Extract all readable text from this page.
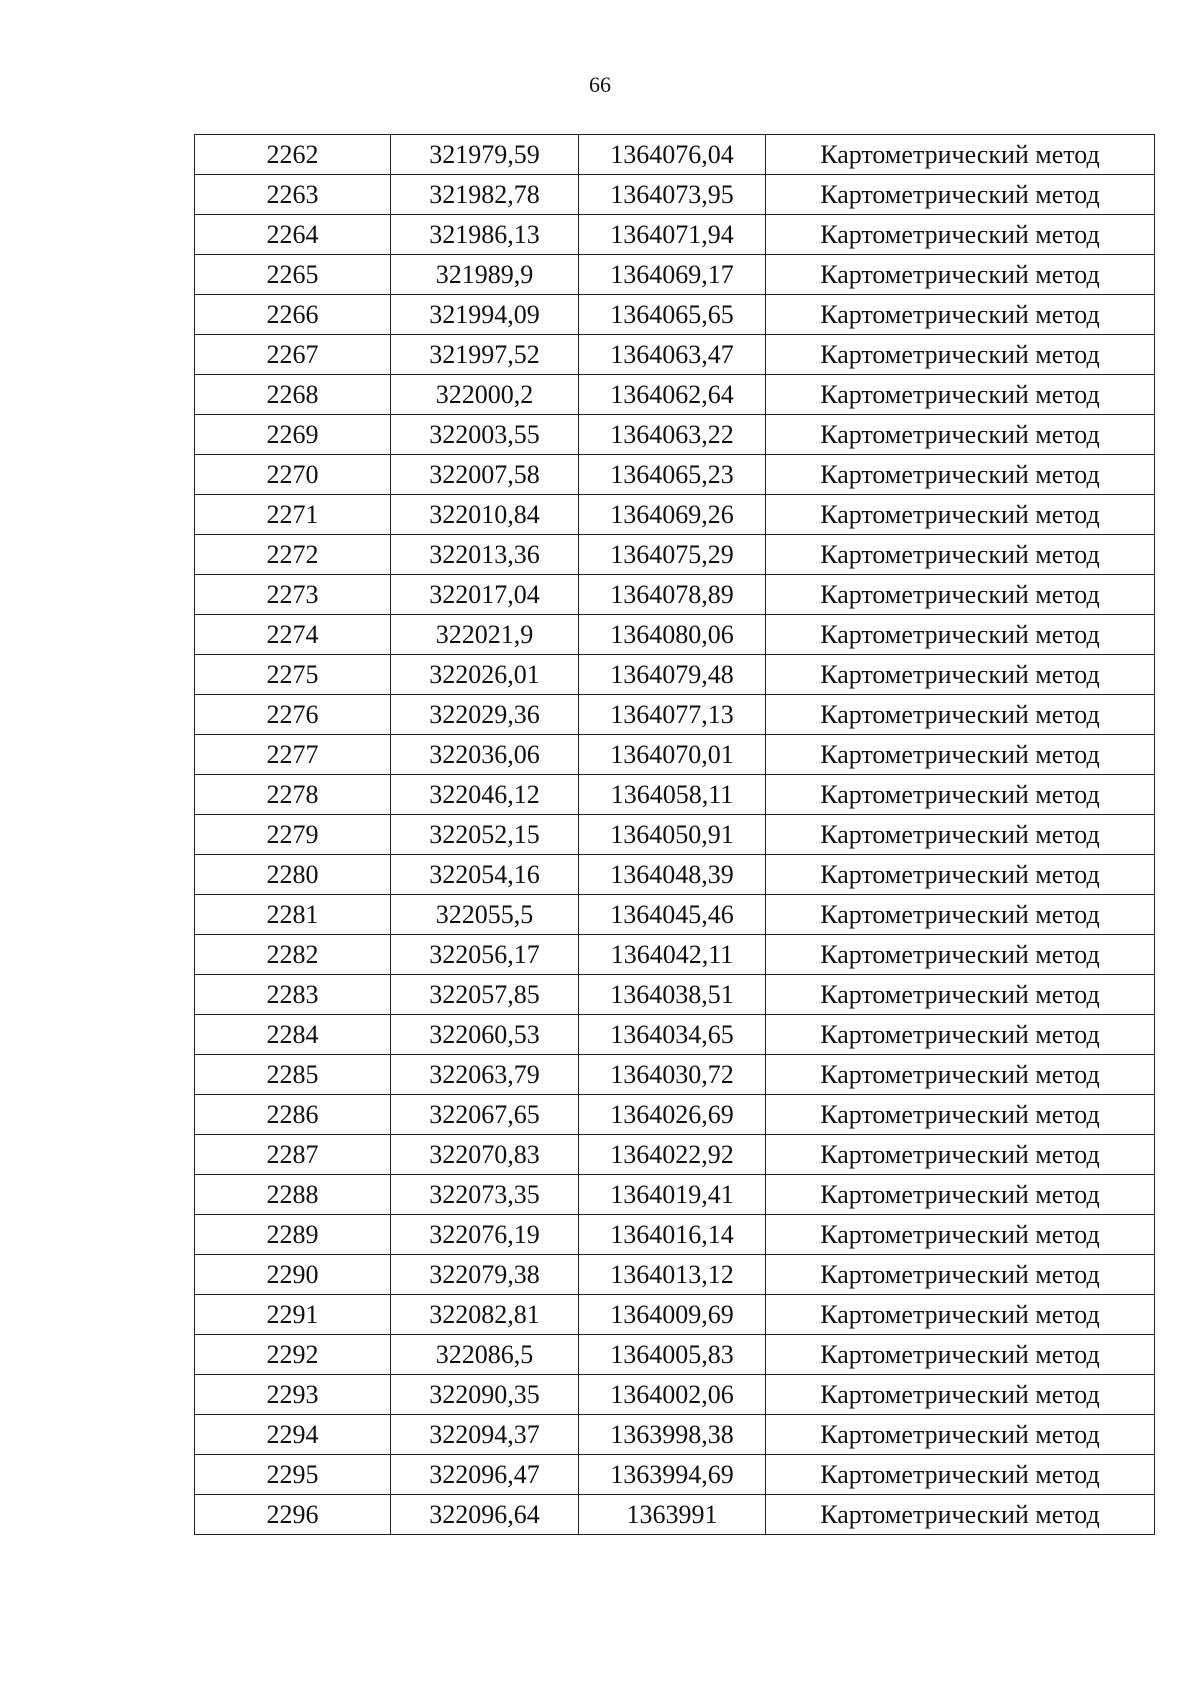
66
2262	321979,59	1364076,04	Картометрический метод
2263	321982,78	1364073,95	Картометрический метод
2264	321986,13	1364071,94	Картометрический метод
2265	321989,9	1364069,17	Картометрический метод
2266	321994,09	1364065,65	Картометрический метод
2267	321997,52	1364063,47	Картометрический метод
2268	322000,2	1364062,64	Картометрический метод
2269	322003,55	1364063,22	Картометрический метод
2270	322007,58	1364065,23	Картометрический метод
2271	322010,84	1364069,26	Картометрический метод
2272	322013,36	1364075,29	Картометрический метод
2273	322017,04	1364078,89	Картометрический метод
2274	322021,9	1364080,06	Картометрический метод
2275	322026,01	1364079,48	Картометрический метод
2276	322029,36	1364077,13	Картометрический метод
2277	322036,06	1364070,01	Картометрический метод
2278	322046,12	1364058,11	Картометрический метод
2279	322052,15	1364050,91	Картометрический метод
2280	322054,16	1364048,39	Картометрический метод
2281	322055,5	1364045,46	Картометрический метод
2282	322056,17	1364042,11	Картометрический метод
2283	322057,85	1364038,51	Картометрический метод
2284	322060,53	1364034,65	Картометрический метод
2285	322063,79	1364030,72	Картометрический метод
2286	322067,65	1364026,69	Картометрический метод
2287	322070,83	1364022,92	Картометрический метод
2288	322073,35	1364019,41	Картометрический метод
2289	322076,19	1364016,14	Картометрический метод
2290	322079,38	1364013,12	Картометрический метод
2291	322082,81	1364009,69	Картометрический метод
2292	322086,5	1364005,83	Картометрический метод
2293	322090,35	1364002,06	Картометрический метод
2294	322094,37	1363998,38	Картометрический метод
2295	322096,47	1363994,69	Картометрический метод
2296	322096,64	1363991	Картометрический метод
